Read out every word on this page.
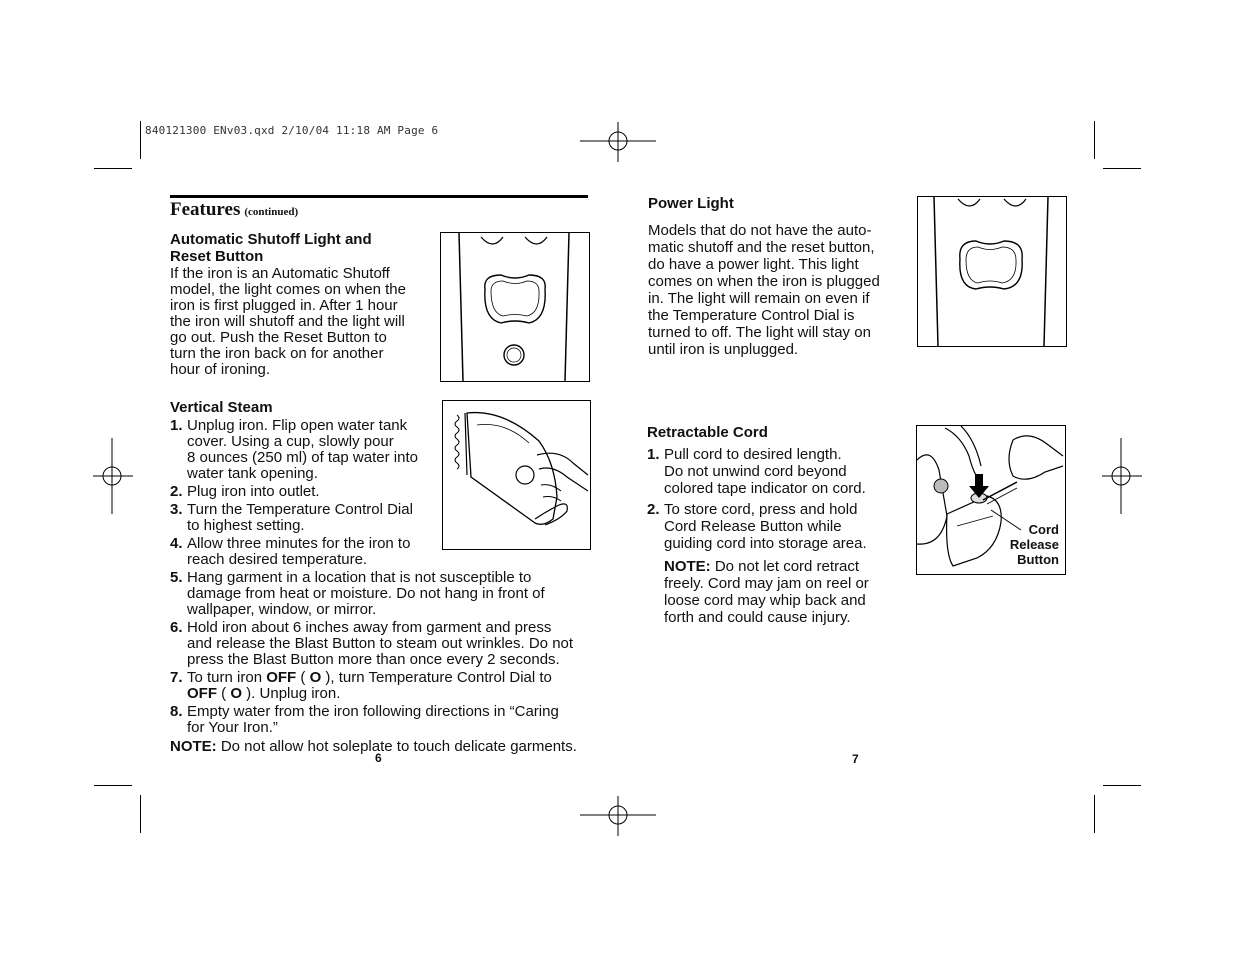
840121300 ENv03.qxd 2/10/04 11:18 AM Page 6
Features (continued)
Automatic Shutoff Light and
Reset Button

If the iron is an Automatic Shutoff
model, the light comes on when the
iron is first plugged in. After 1 hour
the iron will shutoff and the light will
go out. Push the Reset Button to
turn the iron back on for another
hour of ironing.

Vertical Steam
1. Unplug iron. Flip open water tank
cover. Using a cup, slowly pour
8 ounces (250 ml) of tap water into
water tank opening.
2. Plug iron into outlet.
3. Turn the Temperature Control Dial
to highest setting.
4. Allow three minutes for the iron to
reach desired temperature.
5. Hang garment in a location that is not susceptible to
damage from heat or moisture. Do not hang in front of
wallpaper, window, or mirror.
6. Hold iron about 6 inches away from garment and press
and release the Blast Button to steam out wrinkles. Do not
press the Blast Button more than once every 2 seconds.
7. To turn iron OFF ( O ), turn Temperature Control Dial to
OFF ( O ). Unplug iron.
8. Empty water from the iron following directions in “Caring
for Your Iron.”

NOTE: Do not allow hot soleplate to touch delicate garments.

6
Power Light

Models that do not have the auto-
matic shutoff and the reset button,
do have a power light. This light
comes on when the iron is plugged
in. The light will remain on even if
the Temperature Control Dial is
turned to off. The light will stay on
until iron is unplugged.

Retractable Cord
1. Pull cord to desired length.
Do not unwind cord beyond
colored tape indicator on cord.
2. To store cord, press and hold
Cord Release Button while
guiding cord into storage area.

NOTE: Do not let cord retract
freely. Cord may jam on reel or
loose cord may whip back and
forth and could cause injury.

Cord
Release
Button
7
